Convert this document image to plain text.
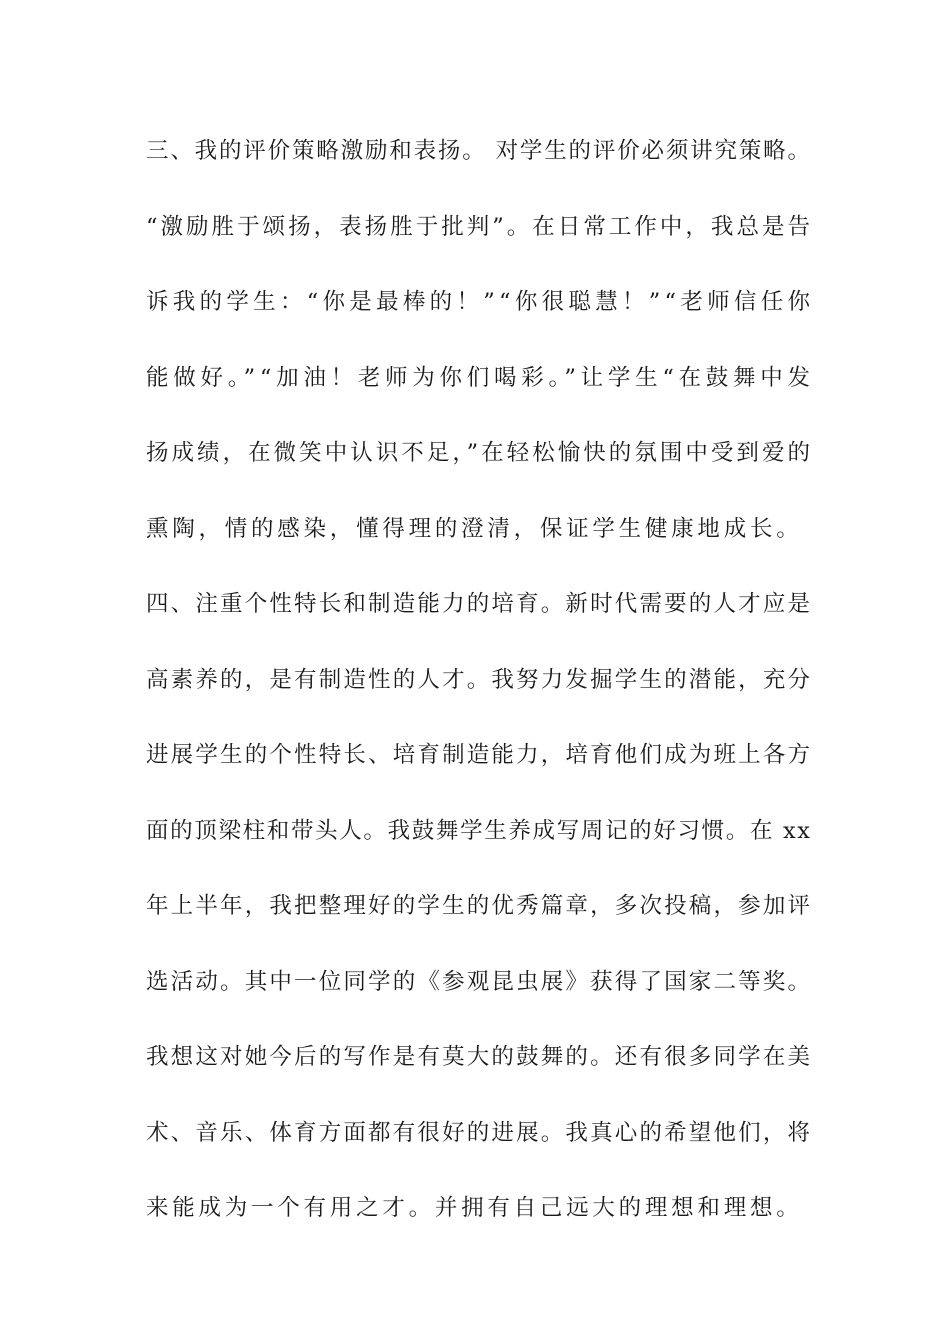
三、我的评价策略激励和表扬。 对学生的评价必须讲究策略。
“激励胜于颂扬，表扬胜于批判”。在日常工作中，我总是告
诉我的学生：“你是最棒的！”“你很聪慧！”“老师信任你
能做好。”“加油！老师为你们喝彩。”让学生“在鼓舞中发
扬成绩，在微笑中认识不足，”在轻松愉快的氛围中受到爱的
熏陶，情的感染，懂得理的澄清，保证学生健康地成长。
四、注重个性特长和制造能力的培育。新时代需要的人才应是
高素养的，是有制造性的人才。我努力发掘学生的潜能，充分
进展学生的个性特长、培育制造能力，培育他们成为班上各方
面的顶梁柱和带头人。我鼓舞学生养成写周记的好习惯。在 xx
年上半年，我把整理好的学生的优秀篇章，多次投稿，参加评
选活动。其中一位同学的《参观昆虫展》获得了国家二等奖。
我想这对她今后的写作是有莫大的鼓舞的。还有很多同学在美
术、音乐、体育方面都有很好的进展。我真心的希望他们，将
来能成为一个有用之才。并拥有自己远大的理想和理想。
